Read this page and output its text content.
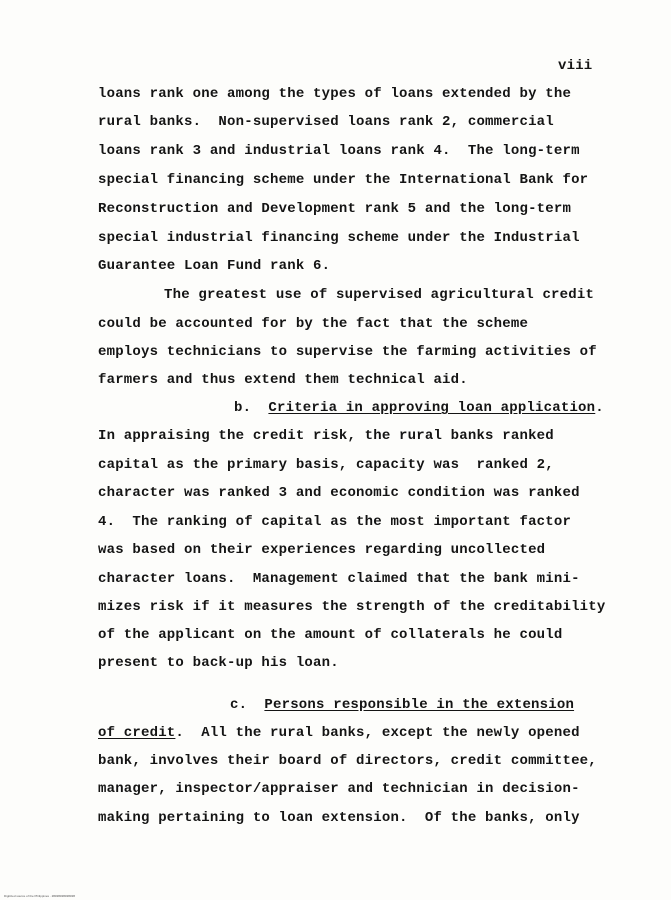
viii
loans rank one among the types of loans extended by the
rural banks.  Non-supervised loans rank 2, commercial
loans rank 3 and industrial loans rank 4.  The long-term
special financing scheme under the International Bank for
Reconstruction and Development rank 5 and the long-term
special industrial financing scheme under the Industrial
Guarantee Loan Fund rank 6.
The greatest use of supervised agricultural credit
could be accounted for by the fact that the scheme
employs technicians to supervise the farming activities of
farmers and thus extend them technical aid.
b. Criteria in approving loan application.
In appraising the credit risk, the rural banks ranked
capital as the primary basis, capacity was  ranked 2,
character was ranked 3 and economic condition was ranked
4.  The ranking of capital as the most important factor
was based on their experiences regarding uncollected
character loans.  Management claimed that the bank mini-
mizes risk if it measures the strength of the creditability
of the applicant on the amount of collaterals he could
present to back-up his loan.
c. Persons responsible in the extension
of credit.  All the rural banks, except the newly opened
bank, involves their board of directors, credit committee,
manager, inspector/appraiser and technician in decision-
making pertaining to loan extension.  Of the banks, only
Digitized source of the Philippines · ##############
